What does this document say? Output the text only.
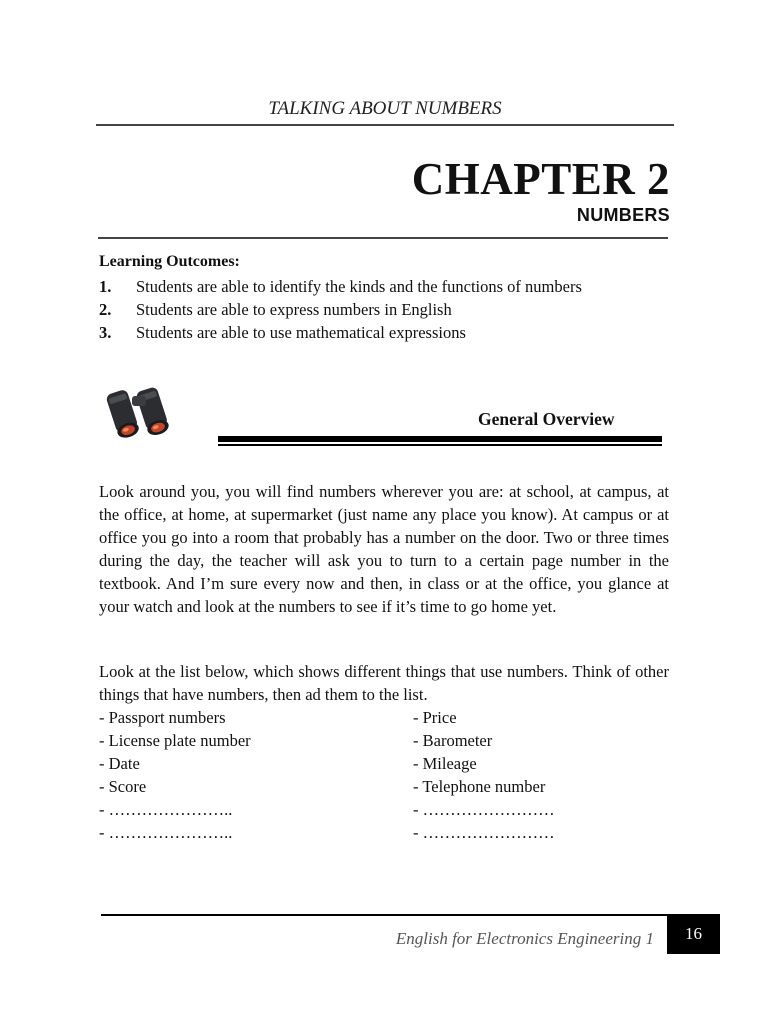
TALKING ABOUT NUMBERS
CHAPTER 2
NUMBERS
Learning Outcomes:
1. Students are able to identify the kinds and the functions of numbers
2. Students are able to express numbers in English
3. Students are able to use mathematical expressions
General Overview

Look around you, you will find numbers wherever you are: at school, at campus, at the office, at home, at supermarket (just name any place you know). At campus or at office you go into a room that probably has a number on the door. Two or three times during the day, the teacher will ask you to turn to a certain page number in the textbook. And I’m sure every now and then, in class or at the office, you glance at your watch and look at the numbers to see if it’s time to go home yet.

Look at the list below, which shows different things that use numbers. Think of other things that have numbers, then ad them to the list.

- Passport numbers	- Price
- License plate number	- Barometer
- Date	- Mileage
- Score	- Telephone number
- …………………..	- ……………………
- …………………..	- ……………………
English for Electronics Engineering 1	16
